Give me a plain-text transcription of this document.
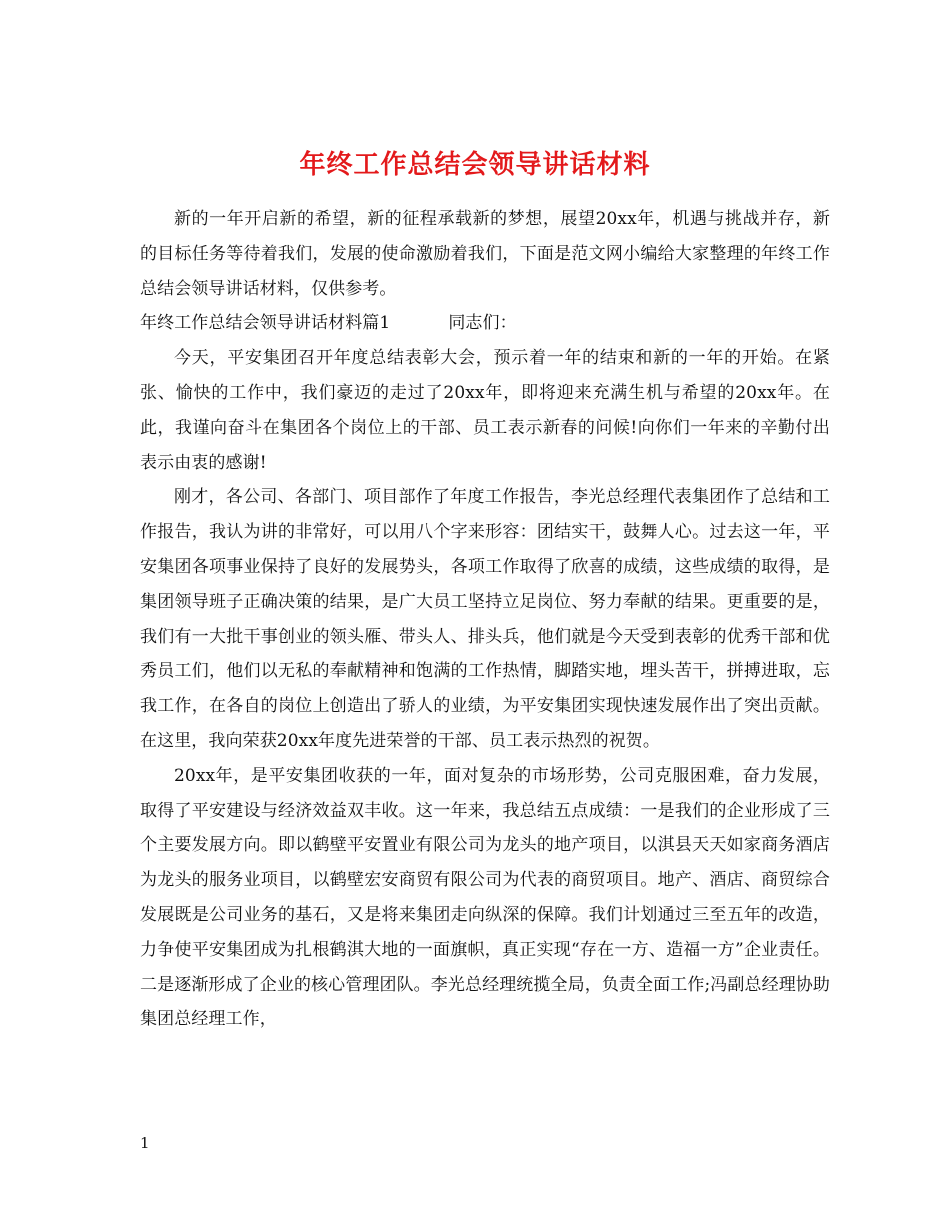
年终工作总结会领导讲话材料

新的一年开启新的希望，新的征程承载新的梦想，展望20xx年，机遇与挑战并存，新的目标任务等待着我们，发展的使命激励着我们，下面是范文网小编给大家整理的年终工作总结会领导讲话材料，仅供参考。

年终工作总结会领导讲话材料篇1	同志们：

今天，平安集团召开年度总结表彰大会，预示着一年的结束和新的一年的开始。在紧张、愉快的工作中，我们豪迈的走过了20xx年，即将迎来充满生机与希望的20xx年。在此，我谨向奋斗在集团各个岗位上的干部、员工表示新春的问候!向你们一年来的辛勤付出表示由衷的感谢!

刚才，各公司、各部门、项目部作了年度工作报告，李光总经理代表集团作了总结和工作报告，我认为讲的非常好，可以用八个字来形容：团结实干，鼓舞人心。过去这一年，平安集团各项事业保持了良好的发展势头，各项工作取得了欣喜的成绩，这些成绩的取得，是集团领导班子正确决策的结果，是广大员工坚持立足岗位、努力奉献的结果。更重要的是，我们有一大批干事创业的领头雁、带头人、排头兵，他们就是今天受到表彰的优秀干部和优秀员工们，他们以无私的奉献精神和饱满的工作热情，脚踏实地，埋头苦干，拼搏进取，忘我工作，在各自的岗位上创造出了骄人的业绩，为平安集团实现快速发展作出了突出贡献。在这里，我向荣获20xx年度先进荣誉的干部、员工表示热烈的祝贺。

20xx年，是平安集团收获的一年，面对复杂的市场形势，公司克服困难，奋力发展，取得了平安建设与经济效益双丰收。这一年来，我总结五点成绩：一是我们的企业形成了三个主要发展方向。即以鹤壁平安置业有限公司为龙头的地产项目，以淇县天天如家商务酒店为龙头的服务业项目，以鹤壁宏安商贸有限公司为代表的商贸项目。地产、酒店、商贸综合发展既是公司业务的基石，又是将来集团走向纵深的保障。我们计划通过三至五年的改造，力争使平安集团成为扎根鹤淇大地的一面旗帜，真正实现“存在一方、造福一方”企业责任。二是逐渐形成了企业的核心管理团队。李光总经理统揽全局，负责全面工作;冯副总经理协助集团总经理工作，

1
